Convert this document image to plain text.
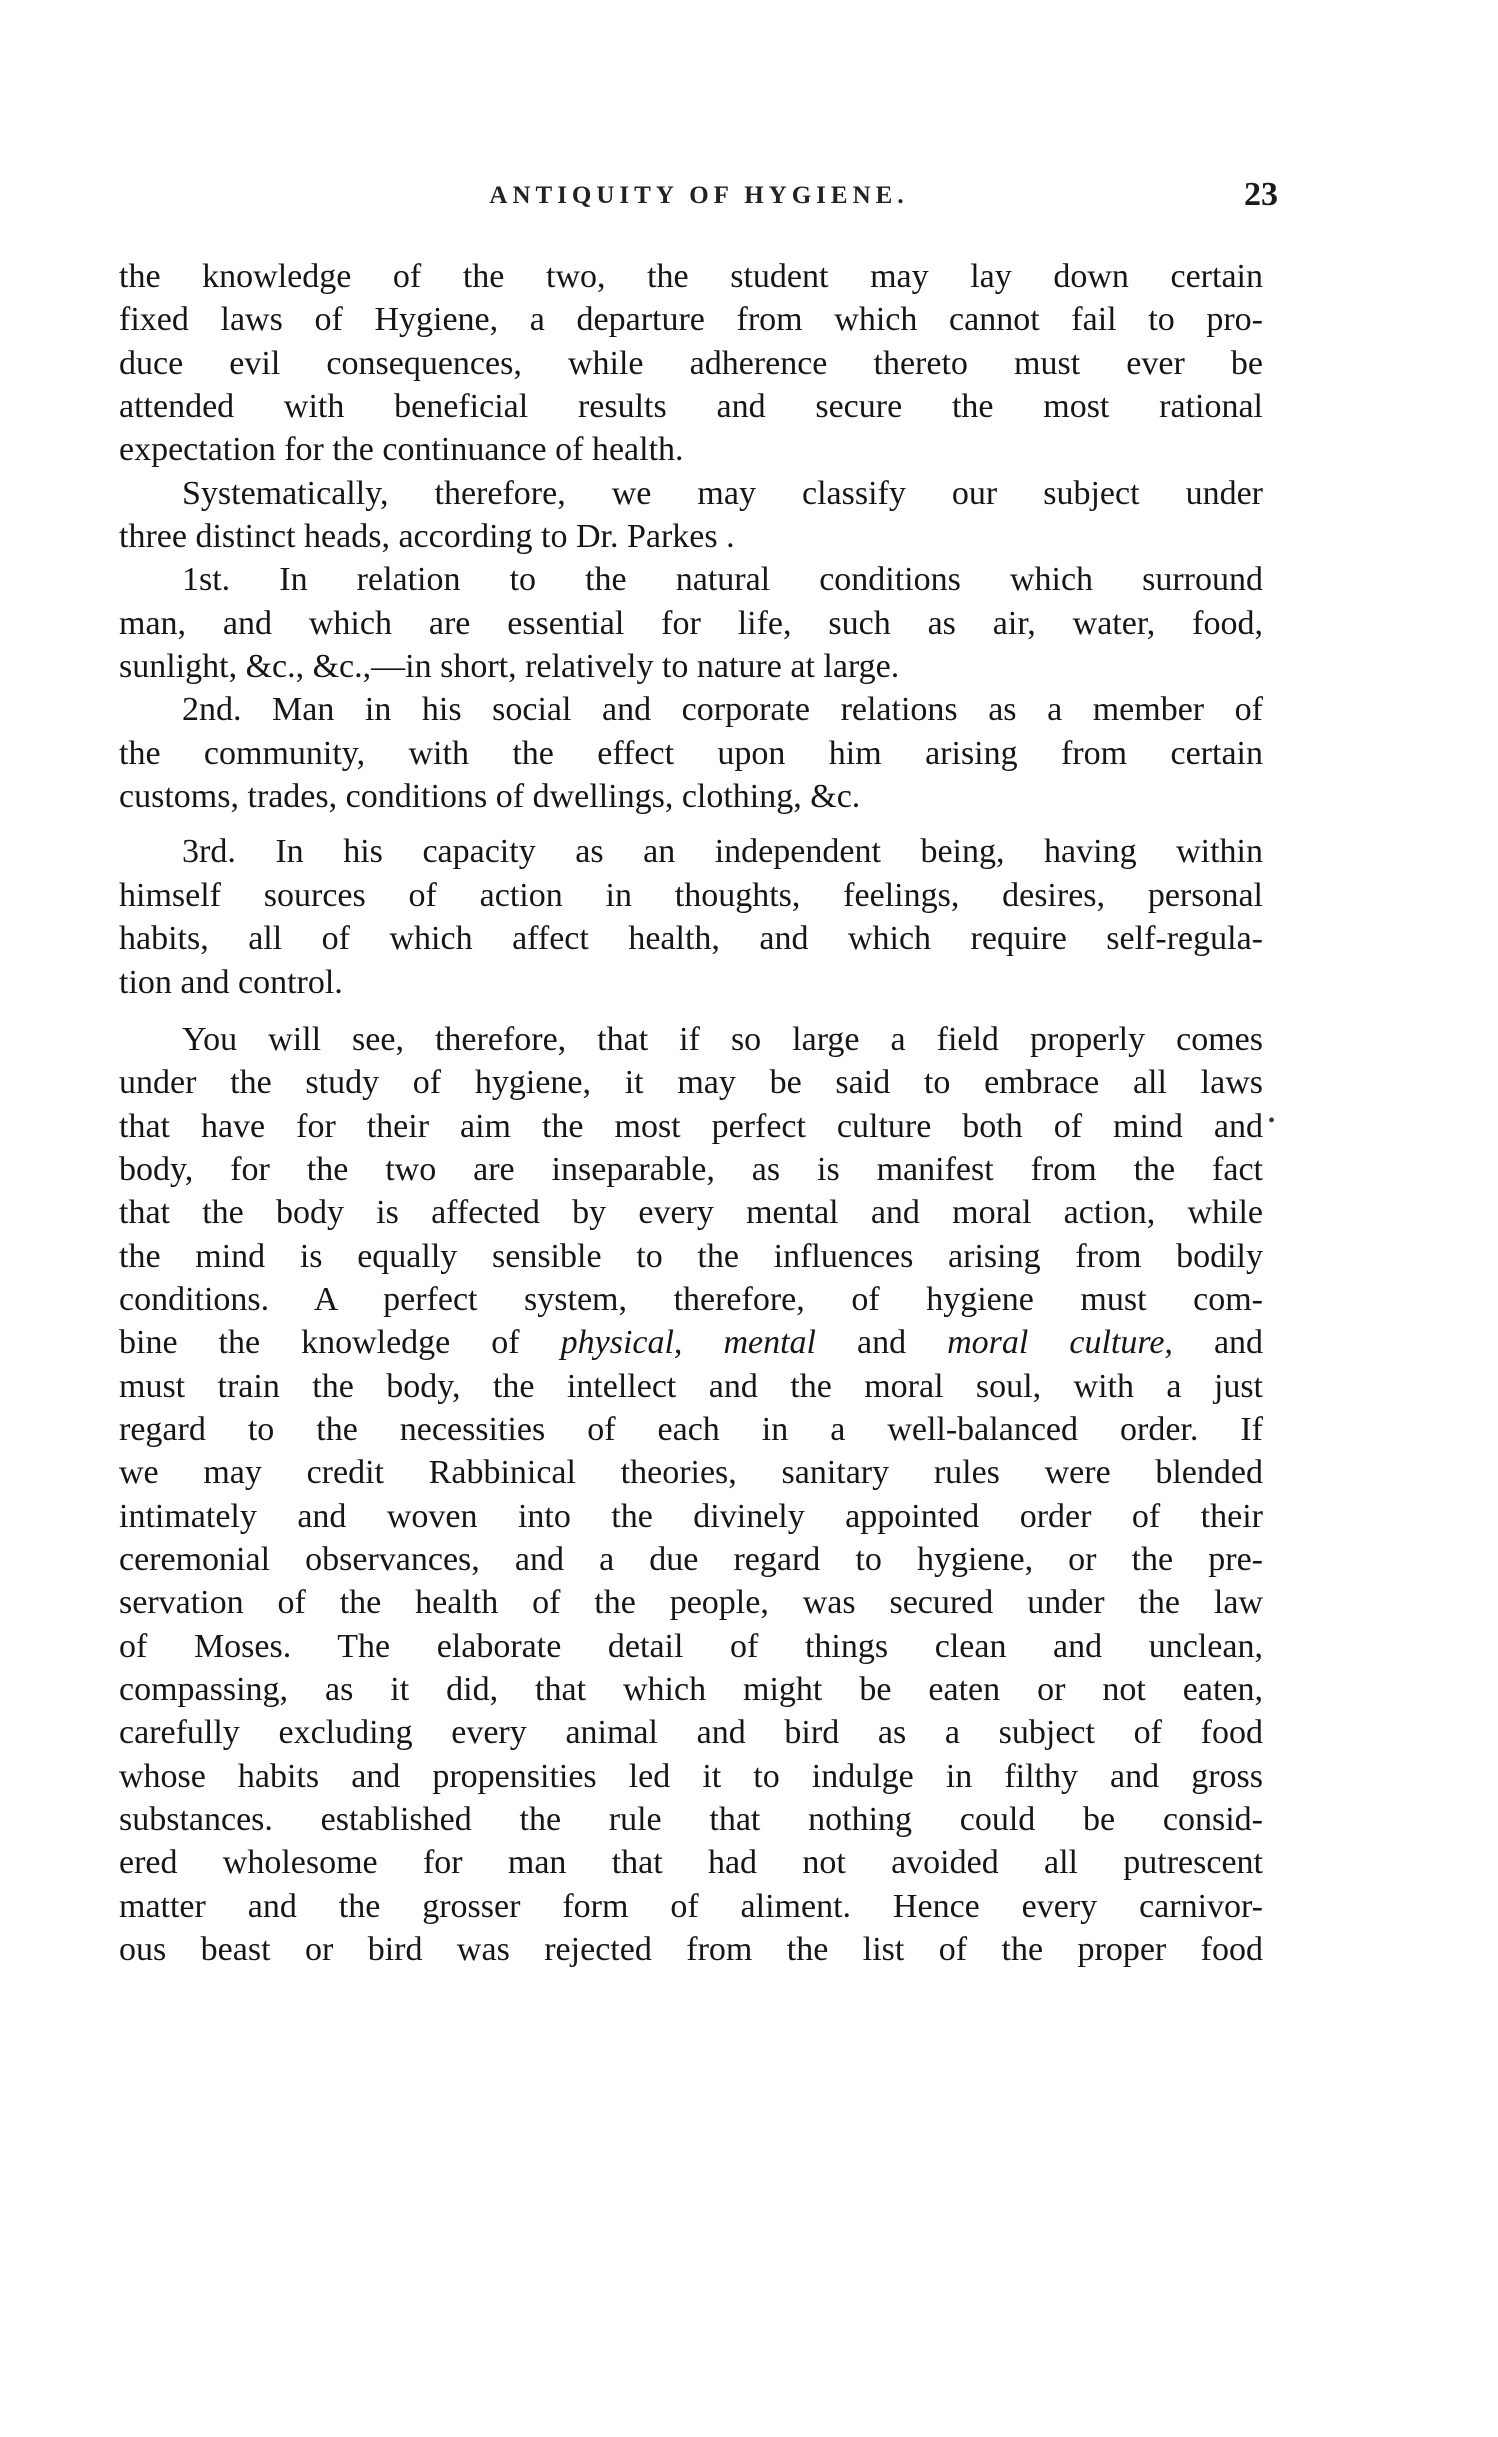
ANTIQUITY OF HYGIENE.	23
•
the knowledge of the two, the student may lay down certain
fixed laws of Hygiene, a departure from which cannot fail to pro-
duce evil consequences, while adherence thereto must ever be
attended with beneficial results and secure the most rational
expectation for the continuance of health.
Systematically, therefore, we may classify our subject under
three distinct heads, according to Dr. Parkes .
1st. In relation to the natural conditions which surround
man, and which are essential for life, such as air, water, food,
sunlight, &c., &c.,—in short, relatively to nature at large.
2nd. Man in his social and corporate relations as a member of
the community, with the effect upon him arising from certain
customs, trades, conditions of dwellings, clothing, &c.
3rd. In his capacity as an independent being, having within
himself sources of action in thoughts, feelings, desires, personal
habits, all of which affect health, and which require self-regula-
tion and control.
You will see, therefore, that if so large a field properly comes
under the study of hygiene, it may be said to embrace all laws
that have for their aim the most perfect culture both of mind and
body, for the two are inseparable, as is manifest from the fact
that the body is affected by every mental and moral action, while
the mind is equally sensible to the influences arising from bodily
conditions. A perfect system, therefore, of hygiene must com-
bine the knowledge of physical, mental and moral culture, and
must train the body, the intellect and the moral soul, with a just
regard to the necessities of each in a well-balanced order. If
we may credit Rabbinical theories, sanitary rules were blended
intimately and woven into the divinely appointed order of their
ceremonial observances, and a due regard to hygiene, or the pre-
servation of the health of the people, was secured under the law
of Moses. The elaborate detail of things clean and unclean,
compassing, as it did, that which might be eaten or not eaten,
carefully excluding every animal and bird as a subject of food
whose habits and propensities led it to indulge in filthy and gross
substances. established the rule that nothing could be consid-
ered wholesome for man that had not avoided all putrescent
matter and the grosser form of aliment. Hence every carnivor-
ous beast or bird was rejected from the list of the proper food
